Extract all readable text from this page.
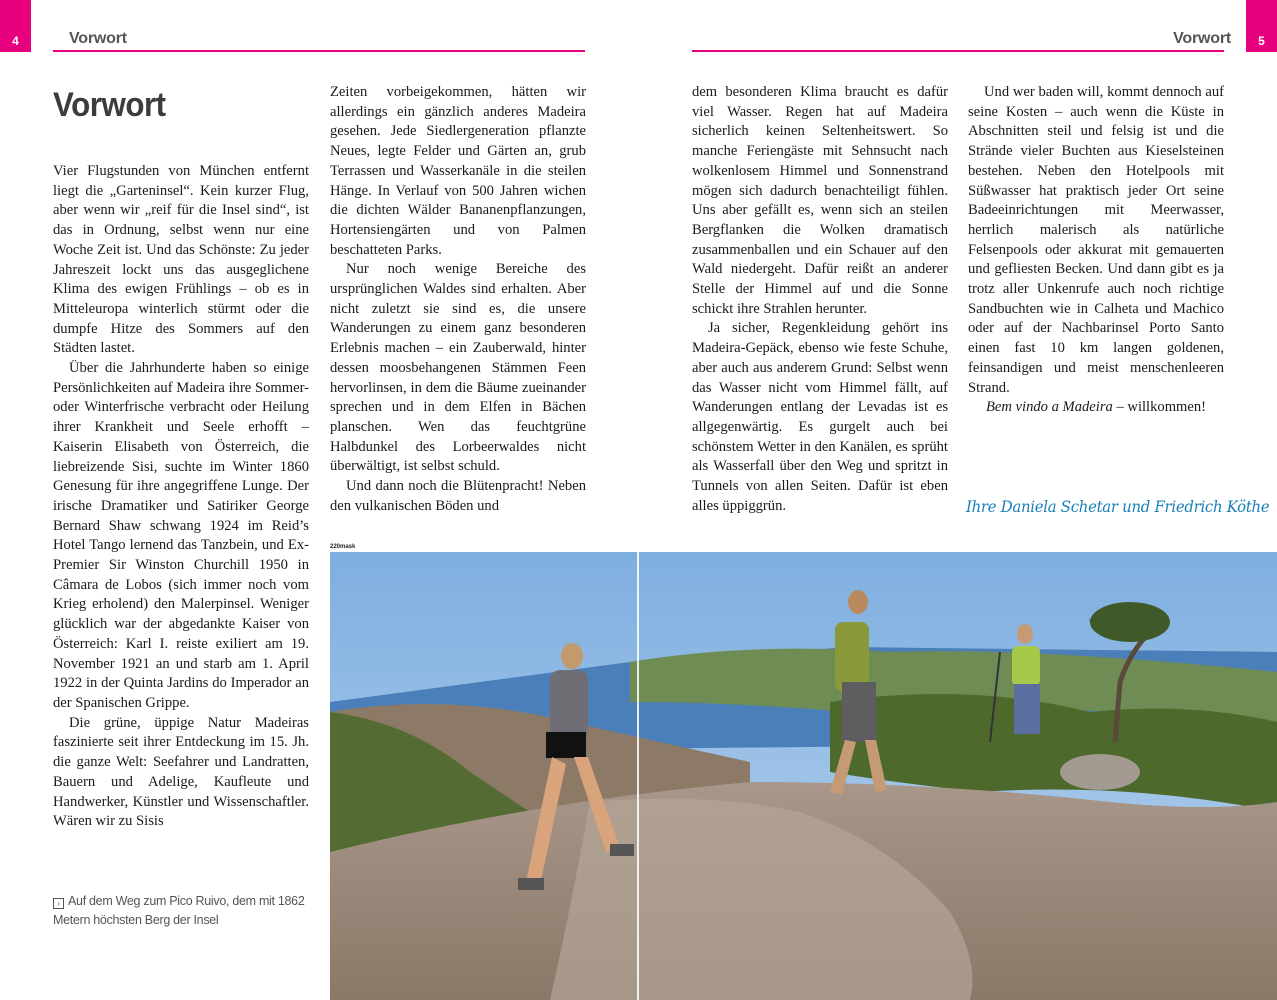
4	5
Vorwort	Vorwort
Vorwort

Vier Flugstunden von München entfernt liegt die „Garteninsel“. Kein kurzer Flug, aber wenn wir „reif für die Insel sind“, ist das in Ordnung, selbst wenn nur eine Woche Zeit ist. Und das Schönste: Zu jeder Jahreszeit lockt uns das ausgeglichene Klima des ewigen Frühlings – ob es in Mitteleuropa winterlich stürmt oder die dumpfe Hitze des Sommers auf den Städten lastet.

Über die Jahrhunderte haben so einige Persönlichkeiten auf Madeira ihre Sommer- oder Winterfrische verbracht oder Heilung ihrer Krankheit und Seele erhofft – Kaiserin Elisabeth von Österreich, die liebreizende Sisi, suchte im Winter 1860 Genesung für ihre angegriffene Lunge. Der irische Dramatiker und Satiriker George Bernard Shaw schwang 1924 im Reid’s Hotel Tango lernend das Tanzbein, und Ex-Premier Sir Winston Churchill 1950 in Câmara de Lobos (sich immer noch vom Krieg erholend) den Malerpinsel. Weniger glücklich war der abgedankte Kaiser von Österreich: Karl I. reiste exiliert am 19. November 1921 an und starb am 1. April 1922 in der Quinta Jardins do Imperador an der Spanischen Grippe.

Die grüne, üppige Natur Madeiras faszinierte seit ihrer Entdeckung im 15. Jh. die ganze Welt: Seefahrer und Landratten, Bauern und Adelige, Kaufleute und Handwerker, Künstler und Wissenschaftler. Wären wir zu Sisis

Zeiten vorbeigekommen, hätten wir allerdings ein gänzlich anderes Madeira gesehen. Jede Siedlergeneration pflanzte Neues, legte Felder und Gärten an, grub Terrassen und Wasserkanäle in die steilen Hänge. In Verlauf von 500 Jahren wichen die dichten Wälder Bananenpflanzungen, Hortensiengärten und von Palmen beschatteten Parks.

Nur noch wenige Bereiche des ursprünglichen Waldes sind erhalten. Aber nicht zuletzt sie sind es, die unsere Wanderungen zu einem ganz besonderen Erlebnis machen – ein Zauberwald, hinter dessen moosbehangenen Stämmen Feen hervorlinsen, in dem die Bäume zueinander sprechen und in dem Elfen in Bächen planschen. Wen das feuchtgrüne Halbdunkel des Lorbeerwaldes nicht überwältigt, ist selbst schuld.

Und dann noch die Blütenpracht! Neben den vulkanischen Böden und

dem besonderen Klima braucht es dafür viel Wasser. Regen hat auf Madeira sicherlich keinen Seltenheitswert. So manche Feriengäste mit Sehnsucht nach wolkenlosem Himmel und Sonnenstrand mögen sich dadurch benachteiligt fühlen. Uns aber gefällt es, wenn sich an steilen Bergflanken die Wolken dramatisch zusammenballen und ein Schauer auf den Wald niedergeht. Dafür reißt an anderer Stelle der Himmel auf und die Sonne schickt ihre Strahlen herunter.

Ja sicher, Regenkleidung gehört ins Madeira-Gepäck, ebenso wie feste Schuhe, aber auch aus anderem Grund: Selbst wenn das Wasser nicht vom Himmel fällt, auf Wanderungen entlang der Levadas ist es allgegenwärtig. Es gurgelt auch bei schönstem Wetter in den Kanälen, es sprüht als Wasserfall über den Weg und spritzt in Tunnels von allen Seiten. Dafür ist eben alles üppiggrün.

Und wer baden will, kommt dennoch auf seine Kosten – auch wenn die Küste in Abschnitten steil und felsig ist und die Strände vieler Buchten aus Kieselsteinen bestehen. Neben den Hotelpools mit Süßwasser hat praktisch jeder Ort seine Badeeinrichtungen mit Meerwasser, herrlich malerisch als natürliche Felsenpools oder akkurat mit gemauerten und gefliesten Becken. Und dann gibt es ja trotz aller Unkenrufe auch noch richtige Sandbuchten wie in Calheta und Machico oder auf der Nachbarinsel Porto Santo einen fast 10 km langen goldenen, feinsandigen und meist menschenleeren Strand.

Bem vindo a Madeira – willkommen!

Ihre Daniela Schetar und Friedrich Köthe
› Auf dem Weg zum Pico Ruivo, dem mit 1862 Metern höchsten Berg der Insel
220mask
